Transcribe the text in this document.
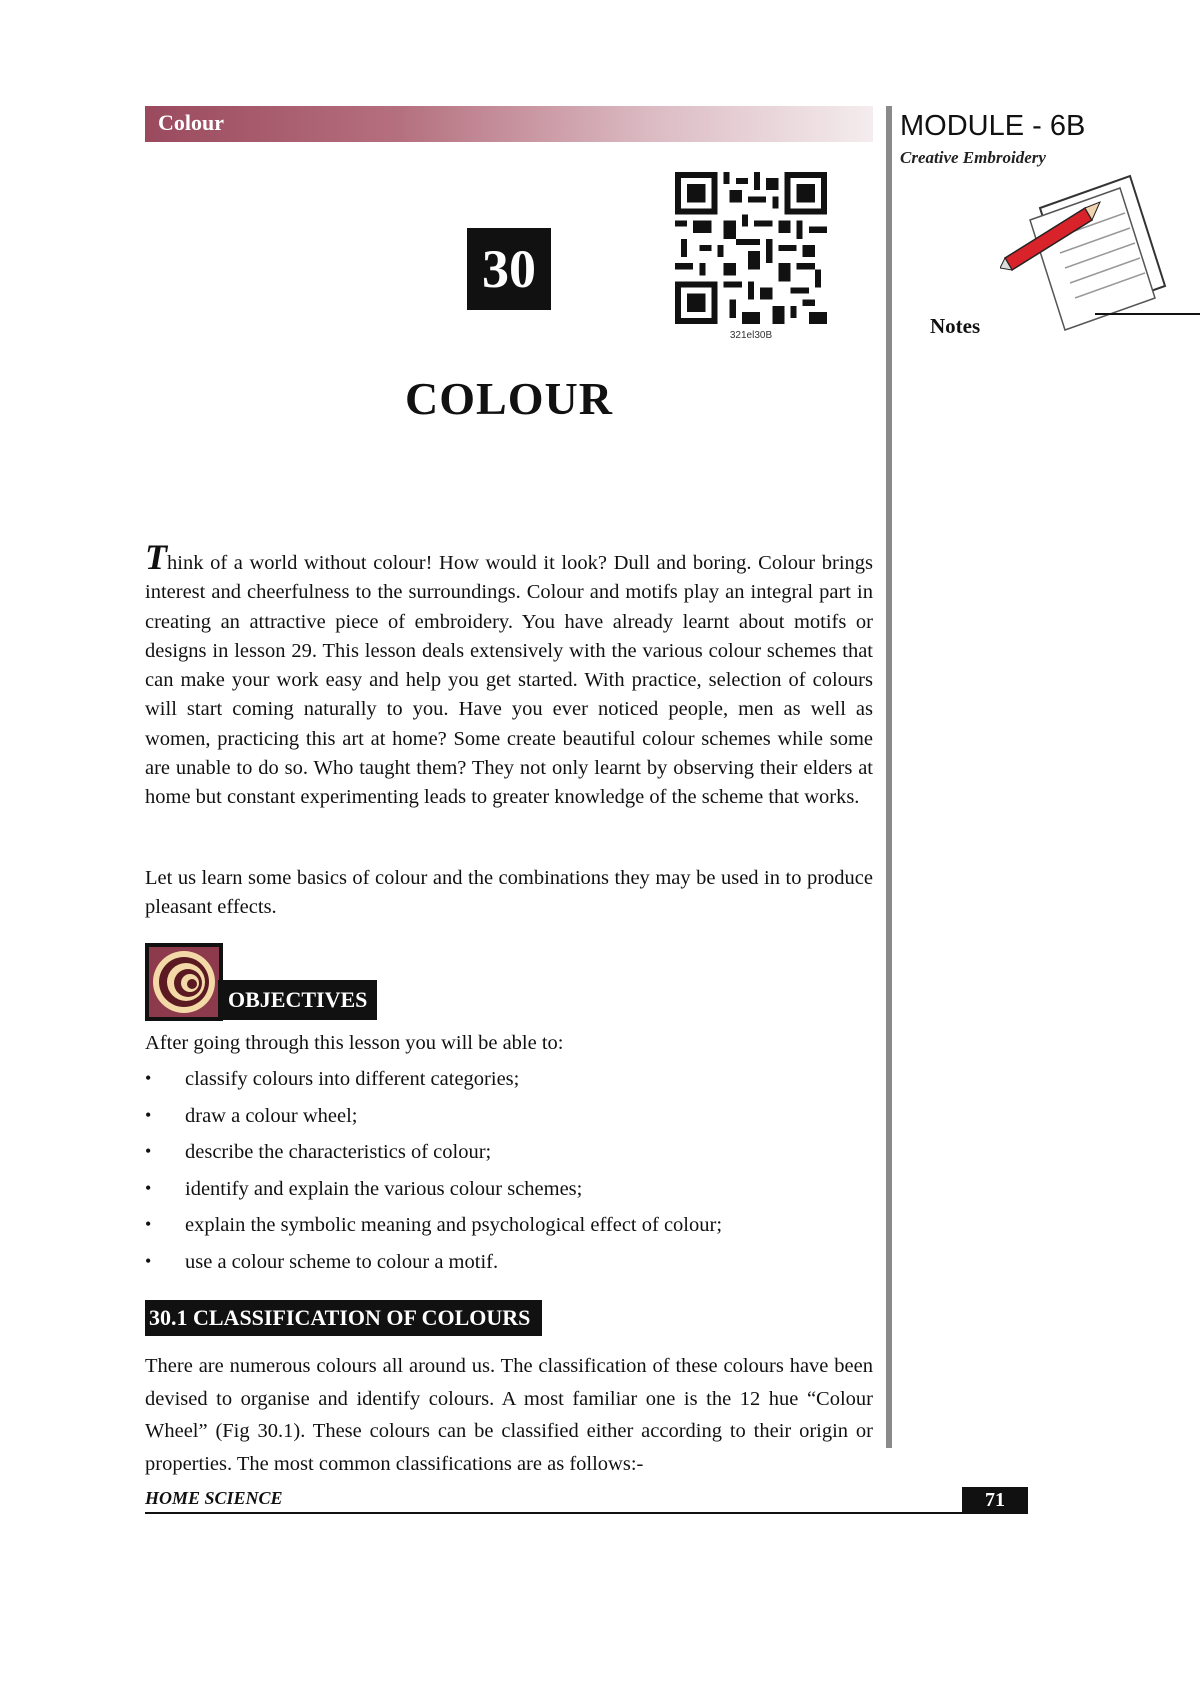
Colour	MODULE - 6B
Creative Embroidery
Notes
30
321el30B
COLOUR
Think of a world without colour! How would it look? Dull and boring. Colour brings interest and cheerfulness to the surroundings. Colour and motifs play an integral part in creating an attractive piece of embroidery. You have already learnt about motifs or designs in lesson 29. This lesson deals extensively with the various colour schemes that can make your work easy and help you get started. With practice, selection of colours will start coming naturally to you. Have you ever noticed people, men as well as women, practicing this art at home? Some create beautiful colour schemes while some are unable to do so. Who taught them? They not only learnt by observing their elders at home but constant experimenting leads to greater knowledge of the scheme that works.
Let us learn some basics of colour and the combinations they may be used in to produce pleasant effects.
OBJECTIVES
After going through this lesson you will be able to:
•	classify colours into different categories;
•	draw a colour wheel;
•	describe the characteristics of colour;
•	identify and explain the various colour schemes;
•	explain the symbolic meaning and psychological effect of colour;
•	use a colour scheme to colour a motif.
30.1 CLASSIFICATION OF COLOURS
There are numerous colours all around us. The classification of these colours have been devised to organise and identify colours. A most familiar one is the 12 hue “Colour Wheel” (Fig 30.1). These colours can be classified either according to their origin or properties. The most common classifications are as follows:-
HOME SCIENCE	71
